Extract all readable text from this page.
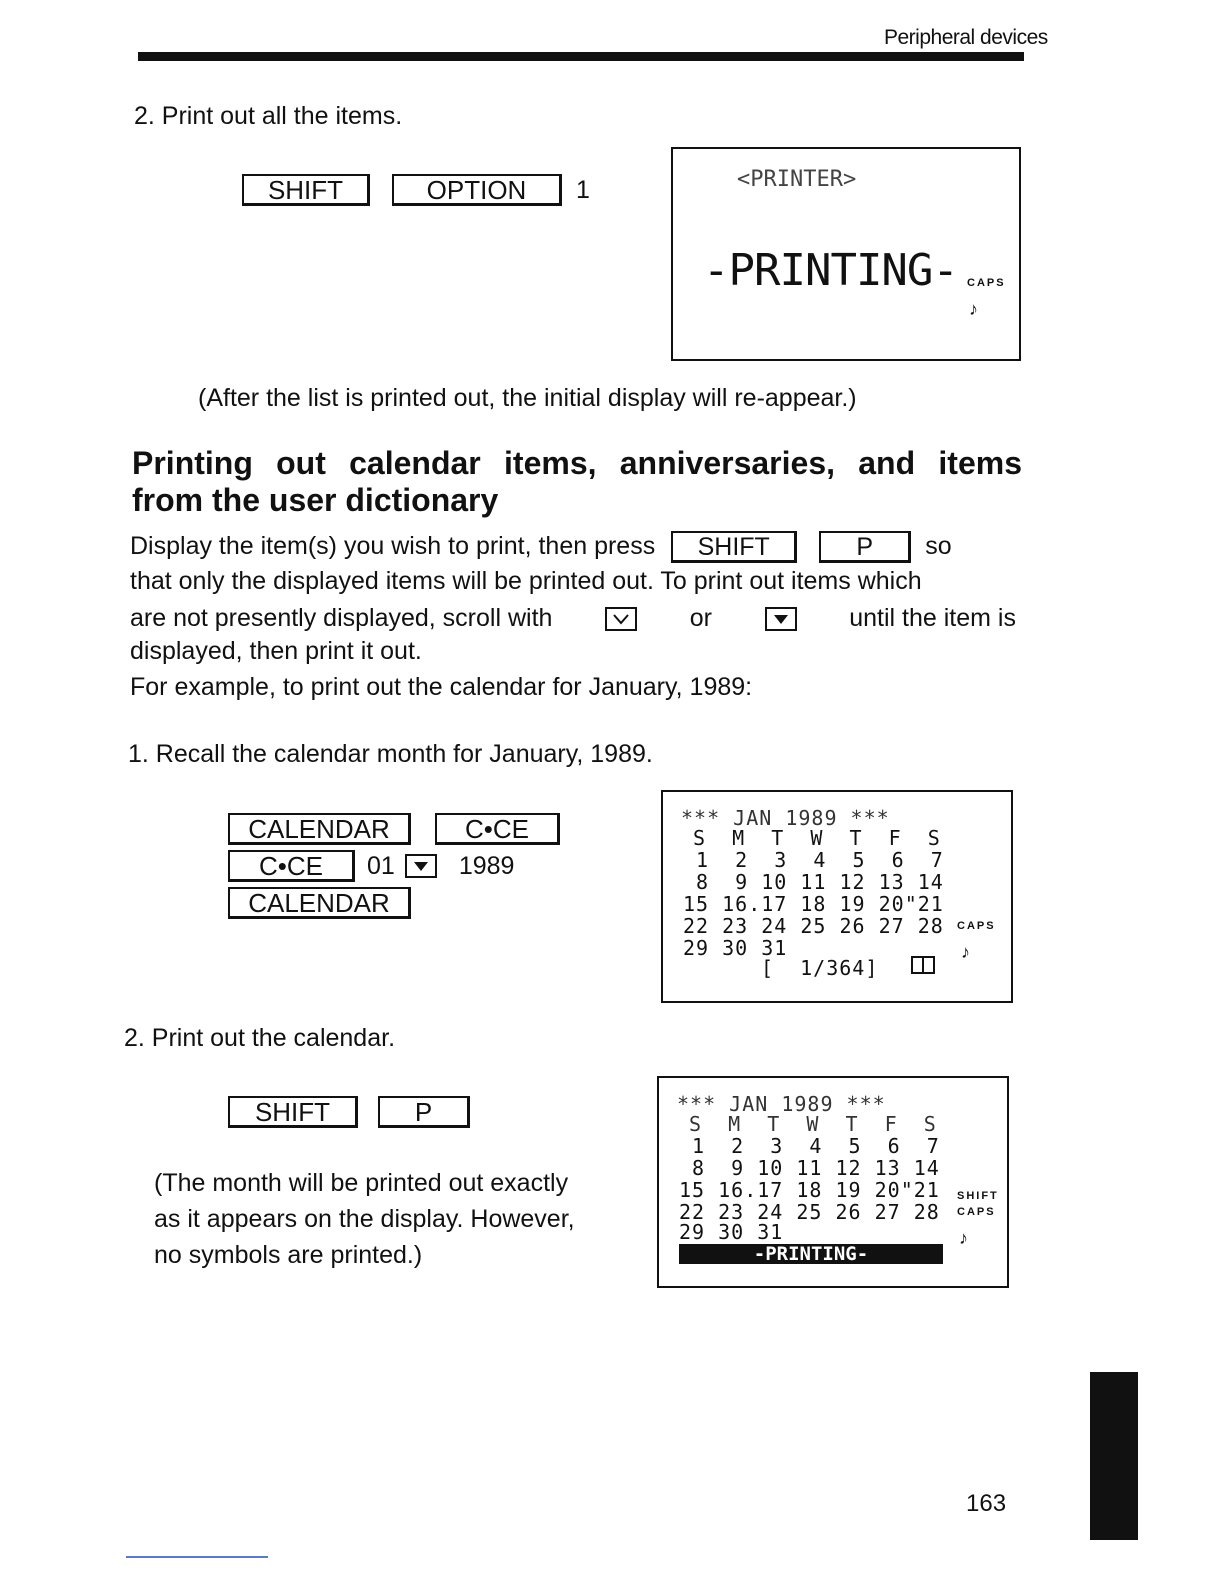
Peripheral devices
2. Print out all the items.
SHIFT	OPTION	1	<PRINTER>
-PRINTING- CAPS
♪
(After the list is printed out, the initial display will re-appear.)
Printing out calendar items, anniversaries, and items
from the user dictionary
Display the item(s) you wish to print, then press	SHIFT	P	so
that only the displayed items will be printed out. To print out items which
are not presently displayed, scroll with	or	until the item is
displayed, then print it out.
For example, to print out the calendar for January, 1989:
1. Recall the calendar month for January, 1989.
CALENDAR	C•CE
C•CE	01	1989
CALENDAR
*** JAN 1989 ***
S  M  T  W  T  F  S
1  2  3  4  5  6  7
8  9 10 11 12 13 14
15 16.17 18 19 20"21
22 23 24 25 26 27 28
29 30 31
[  1/364]
CAPS
♪
2. Print out the calendar.
SHIFT	P
(The month will be printed out exactly
as it appears on the display. However,
no symbols are printed.)
*** JAN 1989 ***
S  M  T  W  T  F  S
1  2  3  4  5  6  7
8  9 10 11 12 13 14
15 16.17 18 19 20"21
22 23 24 25 26 27 28
29 30 31
-PRINTING-
SHIFT
CAPS
♪
163
